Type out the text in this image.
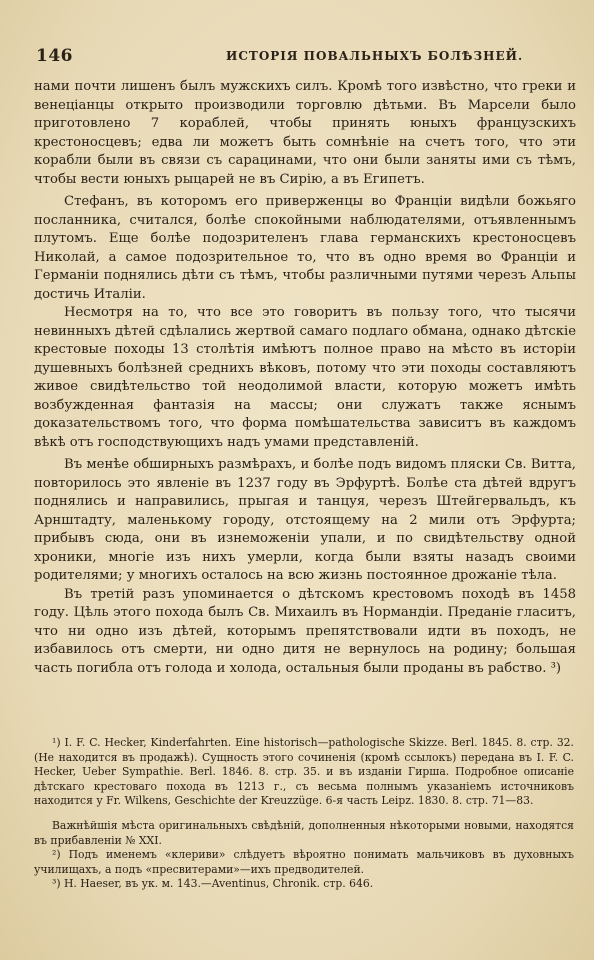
146	ИСТОРІЯ ПОВАЛЬНЫХЪ БОЛѢЗНЕЙ.

нами почти лишенъ былъ мужскихъ силъ. Кромѣ того извѣстно, что греки и венеціанцы открыто производили торговлю дѣтьми. Въ Марсели было приготовлено 7 кораблей, чтобы принять юныхъ французскихъ крестоносцевъ; едва ли можетъ быть сомнѣніе на счетъ того, что эти корабли были въ связи съ сарацинами, что они были заняты ими съ тѣмъ, чтобы вести юныхъ рыцарей не въ Сирію, а въ Египетъ.

Стефанъ, въ которомъ его приверженцы во Франціи видѣли божьяго посланника, считался, болѣе спокойными наблюдателями, отъявленнымъ плутомъ. Еще болѣе подозрителенъ глава германскихъ крестоносцевъ Николай, а самое подозрительное то, что въ одно время во Франціи и Германіи поднялись дѣти съ тѣмъ, чтобы различными путями черезъ Альпы достичь Италіи.

Несмотря на то, что все это говоритъ въ пользу того, что тысячи невинныхъ дѣтей сдѣлались жертвой самаго подлаго обмана, однако дѣтскіе крестовые походы 13 столѣтія имѣютъ полное право на мѣсто въ исторіи душевныхъ болѣзней среднихъ вѣковъ, потому что эти походы составляютъ живое свидѣтельство той неодолимой власти, которую можетъ имѣть возбужденная фантазія на массы; они служатъ также яснымъ доказательствомъ того, что форма помѣшательства зависитъ въ каждомъ вѣкѣ отъ господствующихъ надъ умами представленій.

Въ менѣе обширныхъ размѣрахъ, и болѣе подъ видомъ пляски Св. Витта, повторилось это явленіе въ 1237 году въ Эрфуртѣ. Болѣе ста дѣтей вдругъ поднялись и направились, прыгая и танцуя, черезъ Штейгервальдъ, къ Арнштадту, маленькому городу, отстоящему на 2 мили отъ Эрфурта; прибывъ сюда, они въ изнеможеніи упали, и по свидѣтельству одной хроники, многіе изъ нихъ умерли, когда были взяты назадъ своими родителями; у многихъ осталось на всю жизнь постоянное дрожаніе тѣла.

Въ третій разъ упоминается о дѣтскомъ крестовомъ походѣ въ 1458 году. Цѣль этого похода былъ Св. Михаилъ въ Нормандіи. Преданіе гласитъ, что ни одно изъ дѣтей, которымъ препятствовали идти въ походъ, не избавилось отъ смерти, ни одно дитя не вернулось на родину; большая часть погибла отъ голода и холода, остальныя были проданы въ рабство. ³)

¹) I. F. C. Hecker, Kinderfahrten. Eine historisch—pathologische Skizze. Berl. 1845. 8. стр. 32. (Не находится въ продажѣ). Сущность этого сочиненія (кромѣ ссылокъ) передана въ I. F. C. Hecker, Ueber Sympathie. Berl. 1846. 8. стр. 35. и въ изданіи Гирша. Подробное описаніе дѣтскаго крестоваго похода въ 1213 г., съ весьма полнымъ указаніемъ источниковъ находится у Fr. Wilkens, Geschichte der Kreuzzüge. 6-я часть Leipz. 1830. 8. стр. 71—83.

Важнѣйшія мѣста оригинальныхъ свѣдѣній, дополненныя нѣкоторыми новыми, находятся въ прибавленіи № XXI.

²) Подъ именемъ «клериви» слѣдуетъ вѣроятно понимать мальчиковъ въ духовныхъ училищахъ, а подъ «пресвитерами»—ихъ предводителей.

³) H. Haeser, въ ук. м. 143.—Aventinus, Chronik. стр. 646.
